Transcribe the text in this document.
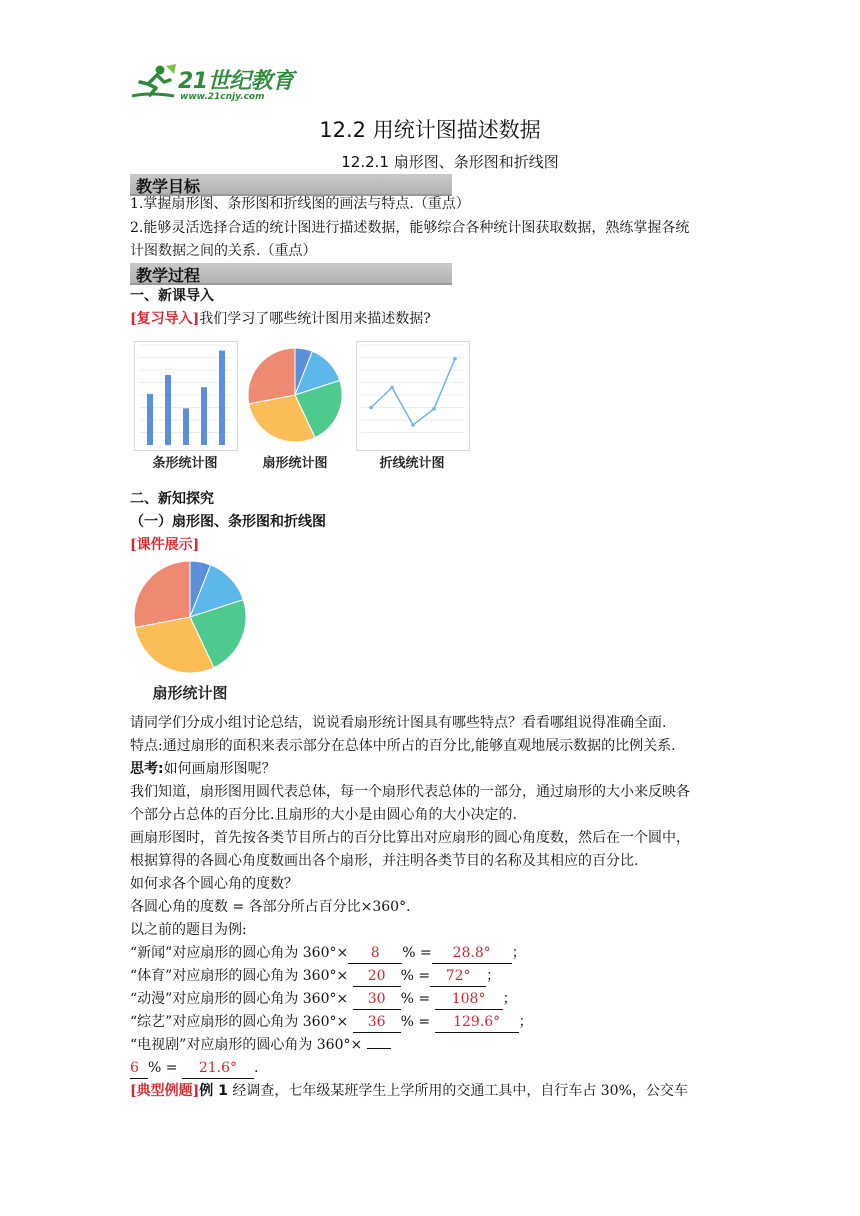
21世纪教育
www.21cnjy.com
12.2 用统计图描述数据
12.2.1 扇形图、条形图和折线图
教学目标
1.掌握扇形图、条形图和折线图的画法与特点.（重点）
2.能够灵活选择合适的统计图进行描述数据，能够综合各种统计图获取数据，熟练掌握各统
计图数据之间的关系.（重点）
教学过程
一、新课导入
[复习导入]我们学习了哪些统计图用来描述数据?
条形统计图	扇形统计图	折线统计图
二、新知探究
（一）扇形图、条形图和折线图
[课件展示]
扇形统计图
请同学们分成小组讨论总结，说说看扇形统计图具有哪些特点？看看哪组说得准确全面.
特点:通过扇形的面积来表示部分在总体中所占的百分比,能够直观地展示数据的比例关系.
思考:如何画扇形图呢？
我们知道，扇形图用圆代表总体，每一个扇形代表总体的一部分，通过扇形的大小来反映各
个部分占总体的百分比.且扇形的大小是由圆心角的大小决定的.
画扇形图时，首先按各类节目所占的百分比算出对应扇形的圆心角度数，然后在一个圆中，
根据算得的各圆心角度数画出各个扇形，并注明各类节目的名称及其相应的百分比.
如何求各个圆心角的度数？
各圆心角的度数 = 各部分所占百分比×360°.
以之前的题目为例:
“新闻”对应扇形的圆心角为 360°× 8 % = 28.8° ；
“体育”对应扇形的圆心角为 360°× 20 % = 72° ；
“动漫”对应扇形的圆心角为 360°× 30 % = 108° ；
“综艺”对应扇形的圆心角为 360°× 36 % = 129.6° ；
“电视剧”对应扇形的圆心角为 360°×
6 % = 21.6° .
[典型例题]例 1 经调查，七年级某班学生上学所用的交通工具中，自行车占 30%，公交车
